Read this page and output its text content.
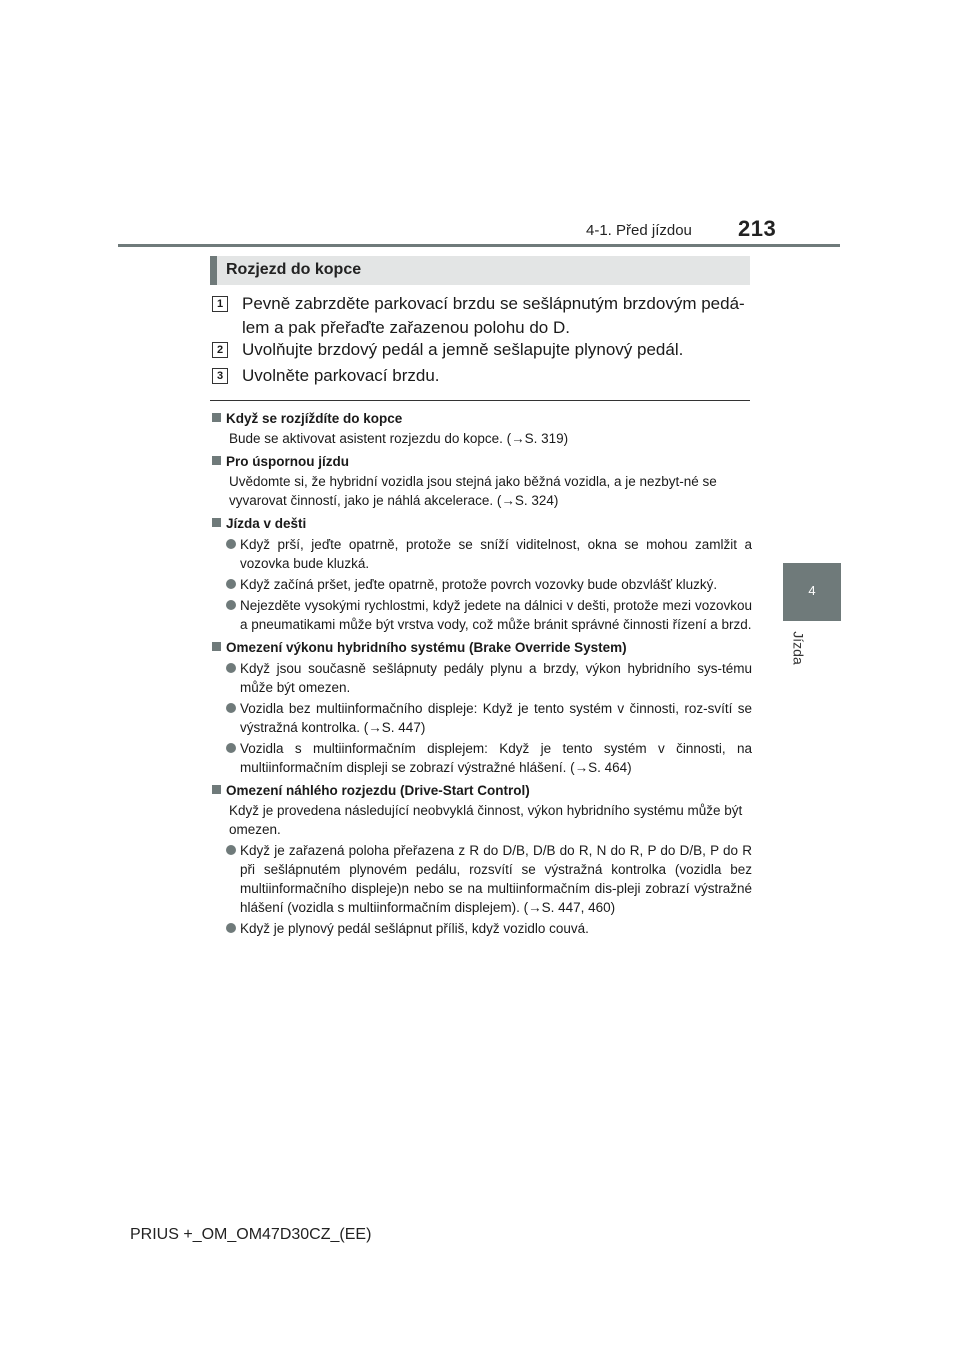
4-1. Před jízdou 213
4
Jízda
Rozjezd do kopce
1 Pevně zabrzděte parkovací brzdu se sešlápnutým brzdovým pedá-lem a pak přeřaďte zařazenou polohu do D.
2 Uvolňujte brzdový pedál a jemně sešlapujte plynový pedál.
3 Uvolněte parkovací brzdu.
Když se rozjíždíte do kopce
Bude se aktivovat asistent rozjezdu do kopce. (→S. 319)
Pro úspornou jízdu
Uvědomte si, že hybridní vozidla jsou stejná jako běžná vozidla, a je nezbyt-né se vyvarovat činností, jako je náhlá akcelerace. (→S. 324)
Jízda v dešti
Když prší, jeďte opatrně, protože se sníží viditelnost, okna se mohou zamlžit a vozovka bude kluzká.
Když začíná pršet, jeďte opatrně, protože povrch vozovky bude obzvlášť kluzký.
Nejezděte vysokými rychlostmi, když jedete na dálnici v dešti, protože mezi vozovkou a pneumatikami může být vrstva vody, což může bránit správné činnosti řízení a brzd.
Omezení výkonu hybridního systému (Brake Override System)
Když jsou současně sešlápnuty pedály plynu a brzdy, výkon hybridního sys-tému může být omezen.
Vozidla bez multiinformačního displeje: Když je tento systém v činnosti, roz-svítí se výstražná kontrolka. (→S. 447)
Vozidla s multiinformačním displejem: Když je tento systém v činnosti, na multiinformačním displeji se zobrazí výstražné hlášení. (→S. 464)
Omezení náhlého rozjezdu (Drive-Start Control)
Když je provedena následující neobvyklá činnost, výkon hybridního systému může být omezen.
Když je zařazená poloha přeřazena z R do D/B, D/B do R, N do R, P do D/B, P do R při sešlápnutém plynovém pedálu, rozsvítí se výstražná kontrolka (vozidla bez multiinformačního displeje)n nebo se na multiinformačním dis-pleji zobrazí výstražné hlášení (vozidla s multiinformačním displejem). (→S. 447, 460)
Když je plynový pedál sešlápnut příliš, když vozidlo couvá.
PRIUS +_OM_OM47D30CZ_(EE)
